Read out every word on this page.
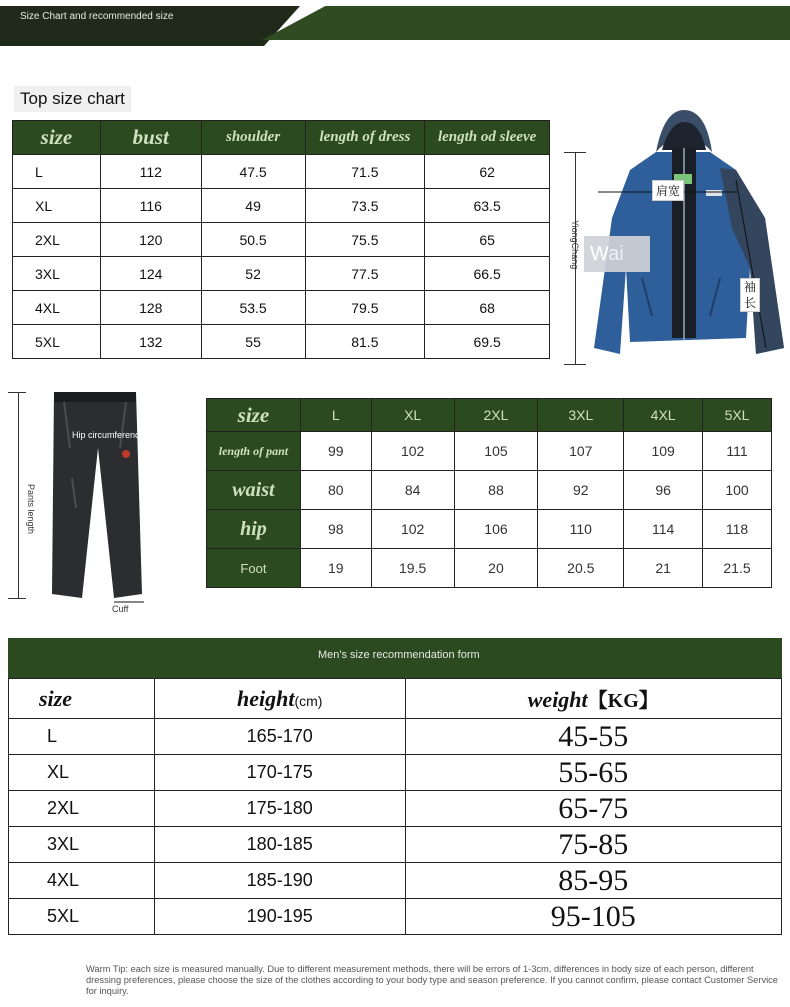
Size Chart and recommended size
Top size chart
size	bust	shoulder	length of dress	length od sleeve
L	112	47.5	71.5	62
XL	116	49	73.5	63.5
2XL	120	50.5	75.5	65
3XL	124	52	77.5	66.5
4XL	128	53.5	79.5	68
5XL	132	55	81.5	69.5
YiongChang
肩宽
Wai
袖长
Pants length
Hip circumference
Cuff
size	L	XL	2XL	3XL	4XL	5XL
length of pant	99	102	105	107	109	111
waist	80	84	88	92	96	100
hip	98	102	106	110	114	118
Foot	19	19.5	20	20.5	21	21.5
Men's size recommendation form
size	height(cm)	weight【KG】
L	165-170	45-55
XL	170-175	55-65
2XL	175-180	65-75
3XL	180-185	75-85
4XL	185-190	85-95
5XL	190-195	95-105
Warm Tip: each size is measured manually. Due to different measurement methods, there will be errors of 1-3cm, differences in body size of each person, different dressing preferences, please choose the size of the clothes according to your body type and season preference. If you cannot confirm, please contact Customer Service for inquiry.
